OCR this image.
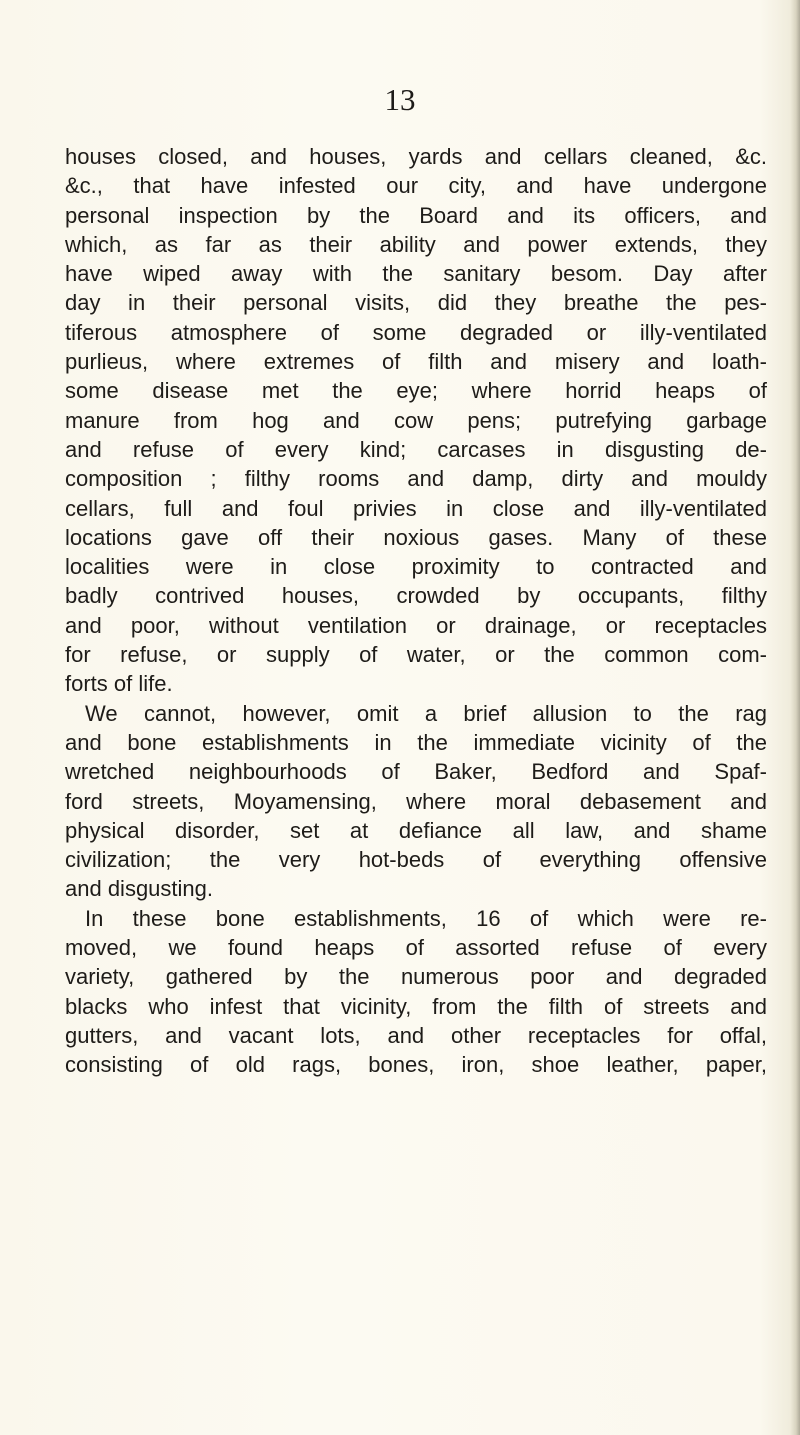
13
houses closed, and houses, yards and cellars cleaned, &c.
&c., that have infested our city, and have undergone
personal inspection by the Board and its officers, and
which, as far as their ability and power extends, they
have wiped away with the sanitary besom. Day after
day in their personal visits, did they breathe the pes-
tiferous atmosphere of some degraded or illy-ventilated
purlieus, where extremes of filth and misery and loath-
some disease met the eye; where horrid heaps of
manure from hog and cow pens; putrefying garbage
and refuse of every kind; carcases in disgusting de-
composition ; filthy rooms and damp, dirty and mouldy
cellars, full and foul privies in close and illy-ventilated
locations gave off their noxious gases. Many of these
localities were in close proximity to contracted and
badly contrived houses, crowded by occupants, filthy
and poor, without ventilation or drainage, or receptacles
for refuse, or supply of water, or the common com-
forts of life.
We cannot, however, omit a brief allusion to the rag
and bone establishments in the immediate vicinity of the
wretched neighbourhoods of Baker, Bedford and Spaf-
ford streets, Moyamensing, where moral debasement and
physical disorder, set at defiance all law, and shame
civilization; the very hot-beds of everything offensive
and disgusting.
In these bone establishments, 16 of which were re-
moved, we found heaps of assorted refuse of every
variety, gathered by the numerous poor and degraded
blacks who infest that vicinity, from the filth of streets and
gutters, and vacant lots, and other receptacles for offal,
consisting of old rags, bones, iron, shoe leather, paper,
